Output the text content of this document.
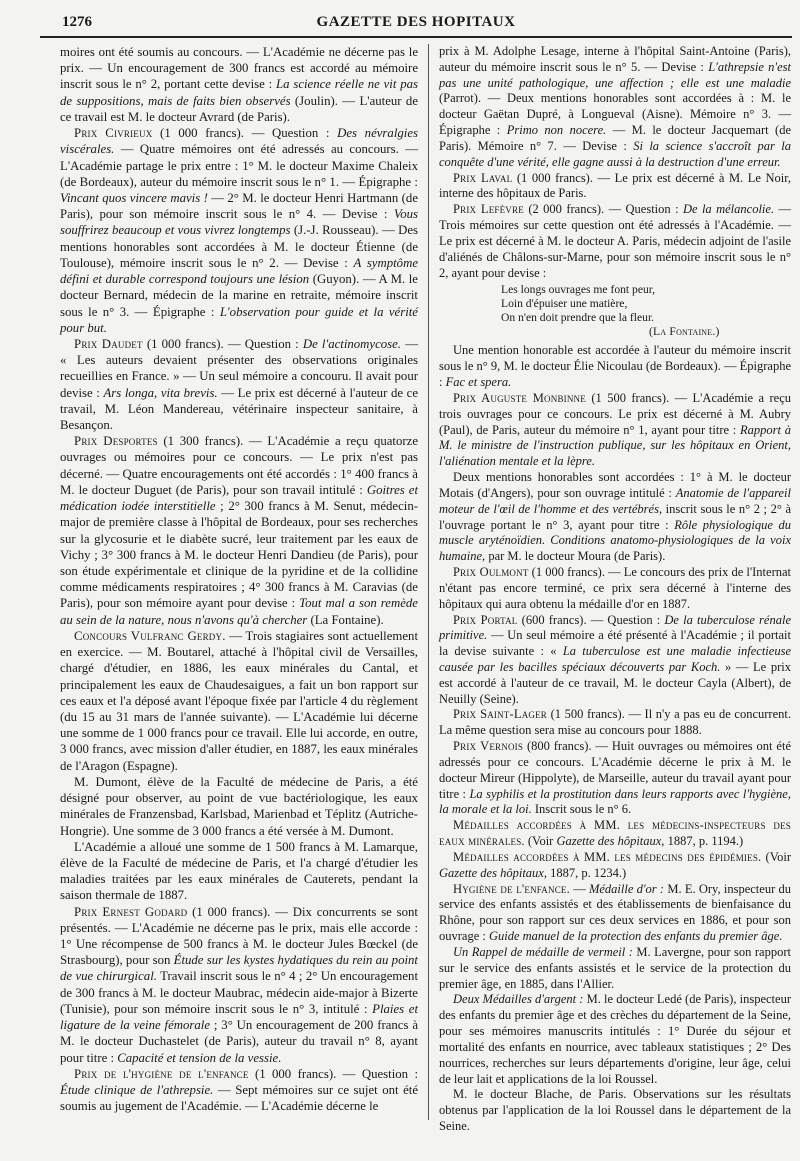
1276	GAZETTE DES HOPITAUX

moires ont été soumis au concours. — L'Académie ne décerne pas le prix. — Un encouragement de 300 francs est accordé au mémoire inscrit sous le n° 2, portant cette devise : La science réelle ne vit pas de suppositions, mais de faits bien observés (Joulin). — L'auteur de ce travail est M. le docteur Avrard (de Paris).

Prix Civrieux (1 000 francs). — Question : Des névralgies viscérales. — Quatre mémoires ont été adressés au concours. — L'Académie partage le prix entre : 1° M. le docteur Maxime Chaleix (de Bordeaux), auteur du mémoire inscrit sous le n° 1. — Épigraphe : Vincant quos vincere mavis ! — 2° M. le docteur Henri Hartmann (de Paris), pour son mémoire inscrit sous le n° 4. — Devise : Vous souffrirez beaucoup et vous vivrez longtemps (J.-J. Rousseau). — Des mentions honorables sont accordées à M. le docteur Étienne (de Toulouse), mémoire inscrit sous le n° 2. — Devise : A symptôme défini et durable correspond toujours une lésion (Guyon). — A M. le docteur Bernard, médecin de la marine en retraite, mémoire inscrit sous le n° 3. — Épigraphe : L'observation pour guide et la vérité pour but.

Prix Daudet (1 000 francs). — Question : De l'actinomycose. — « Les auteurs devaient présenter des observations originales recueillies en France. » — Un seul mémoire a concouru. Il avait pour devise : Ars longa, vita brevis. — Le prix est décerné à l'auteur de ce travail, M. Léon Mandereau, vétérinaire inspecteur sanitaire, à Besançon.

Prix Desportes (1 300 francs). — L'Académie a reçu quatorze ouvrages ou mémoires pour ce concours. — Le prix n'est pas décerné. — Quatre encouragements ont été accordés : 1° 400 francs à M. le docteur Duguet (de Paris), pour son travail intitulé : Goitres et médication iodée interstitielle ; 2° 300 francs à M. Senut, médecin-major de première classe à l'hôpital de Bordeaux, pour ses recherches sur la glycosurie et le diabète sucré, leur traitement par les eaux de Vichy ; 3° 300 francs à M. le docteur Henri Dandieu (de Paris), pour son étude expérimentale et clinique de la pyridine et de la collidine comme médicaments respiratoires ; 4° 300 francs à M. Caravias (de Paris), pour son mémoire ayant pour devise : Tout mal a son remède au sein de la nature, nous n'avons qu'à chercher (La Fontaine).

Concours Vulfranc Gerdy. — Trois stagiaires sont actuellement en exercice. — M. Boutarel, attaché à l'hôpital civil de Versailles, chargé d'étudier, en 1886, les eaux minérales du Cantal, et principalement les eaux de Chaudesaigues, a fait un bon rapport sur ces eaux et l'a déposé avant l'époque fixée par l'article 4 du règlement (du 15 au 31 mars de l'année suivante). — L'Académie lui décerne une somme de 1 000 francs pour ce travail. Elle lui accorde, en outre, 3 000 francs, avec mission d'aller étudier, en 1887, les eaux minérales de l'Aragon (Espagne).

M. Dumont, élève de la Faculté de médecine de Paris, a été désigné pour observer, au point de vue bactériologique, les eaux minérales de Franzensbad, Karlsbad, Marienbad et Téplitz (Autriche-Hongrie). Une somme de 3 000 francs a été versée à M. Dumont.

L'Académie a alloué une somme de 1 500 francs à M. Lamarque, élève de la Faculté de médecine de Paris, et l'a chargé d'étudier les maladies traitées par les eaux minérales de Cauterets, pendant la saison thermale de 1887.

Prix Ernest Godard (1 000 francs). — Dix concurrents se sont présentés. — L'Académie ne décerne pas le prix, mais elle accorde : 1° Une récompense de 500 francs à M. le docteur Jules Bœckel (de Strasbourg), pour son Étude sur les kystes hydatiques du rein au point de vue chirurgical. Travail inscrit sous le n° 4 ; 2° Un encouragement de 300 francs à M. le docteur Maubrac, médecin aide-major à Bizerte (Tunisie), pour son mémoire inscrit sous le n° 3, intitulé : Plaies et ligature de la veine fémorale ; 3° Un encouragement de 200 francs à M. le docteur Duchastelet (de Paris), auteur du travail n° 8, ayant pour titre : Capacité et tension de la vessie.

Prix de l'hygiène de l'enfance (1 000 francs). — Question : Étude clinique de l'athrepsie. — Sept mémoires sur ce sujet ont été soumis au jugement de l'Académie. — L'Académie décerne le

prix à M. Adolphe Lesage, interne à l'hôpital Saint-Antoine (Paris), auteur du mémoire inscrit sous le n° 5. — Devise : L'athrepsie n'est pas une unité pathologique, une affection ; elle est une maladie (Parrot). — Deux mentions honorables sont accordées à : M. le docteur Gaëtan Dupré, à Longueval (Aisne). Mémoire n° 3. — Épigraphe : Primo non nocere. — M. le docteur Jacquemart (de Paris). Mémoire n° 7. — Devise : Si la science s'accroît par la conquête d'une vérité, elle gagne aussi à la destruction d'une erreur.

Prix Laval (1 000 francs). — Le prix est décerné à M. Le Noir, interne des hôpitaux de Paris.

Prix Lefèvre (2 000 francs). — Question : De la mélancolie. — Trois mémoires sur cette question ont été adressés à l'Académie. — Le prix est décerné à M. le docteur A. Paris, médecin adjoint de l'asile d'aliénés de Châlons-sur-Marne, pour son mémoire inscrit sous le n° 2, ayant pour devise :

Les longs ouvrages me font peur,
Loin d'épuiser une matière,
On n'en doit prendre que la fleur.
(La Fontaine.)

Une mention honorable est accordée à l'auteur du mémoire inscrit sous le n° 9, M. le docteur Élie Nicoulau (de Bordeaux). — Épigraphe : Fac et spera.

Prix Auguste Monbinne (1 500 francs). — L'Académie a reçu trois ouvrages pour ce concours. Le prix est décerné à M. Aubry (Paul), de Paris, auteur du mémoire n° 1, ayant pour titre : Rapport à M. le ministre de l'instruction publique, sur les hôpitaux en Orient, l'aliénation mentale et la lèpre.

Deux mentions honorables sont accordées : 1° à M. le docteur Motais (d'Angers), pour son ouvrage intitulé : Anatomie de l'appareil moteur de l'œil de l'homme et des vertébrés, inscrit sous le n° 2 ; 2° à l'ouvrage portant le n° 3, ayant pour titre : Rôle physiologique du muscle aryténoïdien. Conditions anatomo-physiologiques de la voix humaine, par M. le docteur Moura (de Paris).

Prix Oulmont (1 000 francs). — Le concours des prix de l'Internat n'étant pas encore terminé, ce prix sera décerné à l'interne des hôpitaux qui aura obtenu la médaille d'or en 1887.

Prix Portal (600 francs). — Question : De la tuberculose rénale primitive. — Un seul mémoire a été présenté à l'Académie ; il portait la devise suivante : « La tuberculose est une maladie infectieuse causée par les bacilles spéciaux découverts par Koch. » — Le prix est accordé à l'auteur de ce travail, M. le docteur Cayla (Albert), de Neuilly (Seine).

Prix Saint-Lager (1 500 francs). — Il n'y a pas eu de concurrent. La même question sera mise au concours pour 1888.

Prix Vernois (800 francs). — Huit ouvrages ou mémoires ont été adressés pour ce concours. L'Académie décerne le prix à M. le docteur Mireur (Hippolyte), de Marseille, auteur du travail ayant pour titre : La syphilis et la prostitution dans leurs rapports avec l'hygiène, la morale et la loi. Inscrit sous le n° 6.

Médailles accordées à MM. les médecins-inspecteurs des eaux minérales. (Voir Gazette des hôpitaux, 1887, p. 1194.)

Médailles accordées à MM. les médecins des épidémies. (Voir Gazette des hôpitaux, 1887, p. 1234.)

Hygiène de l'enfance. — Médaille d'or : M. E. Ory, inspecteur du service des enfants assistés et des établissements de bienfaisance du Rhône, pour son rapport sur ces deux services en 1886, et pour son ouvrage : Guide manuel de la protection des enfants du premier âge.

Un Rappel de médaille de vermeil : M. Lavergne, pour son rapport sur le service des enfants assistés et le service de la protection du premier âge, en 1885, dans l'Allier.

Deux Médailles d'argent : M. le docteur Ledé (de Paris), inspecteur des enfants du premier âge et des crèches du département de la Seine, pour ses mémoires manuscrits intitulés : 1° Durée du séjour et mortalité des enfants en nourrice, avec tableaux statistiques ; 2° Des nourrices, recherches sur leurs départements d'origine, leur âge, celui de leur lait et applications de la loi Roussel.

M. le docteur Blache, de Paris. Observations sur les résultats obtenus par l'application de la loi Roussel dans le département de la Seine.
